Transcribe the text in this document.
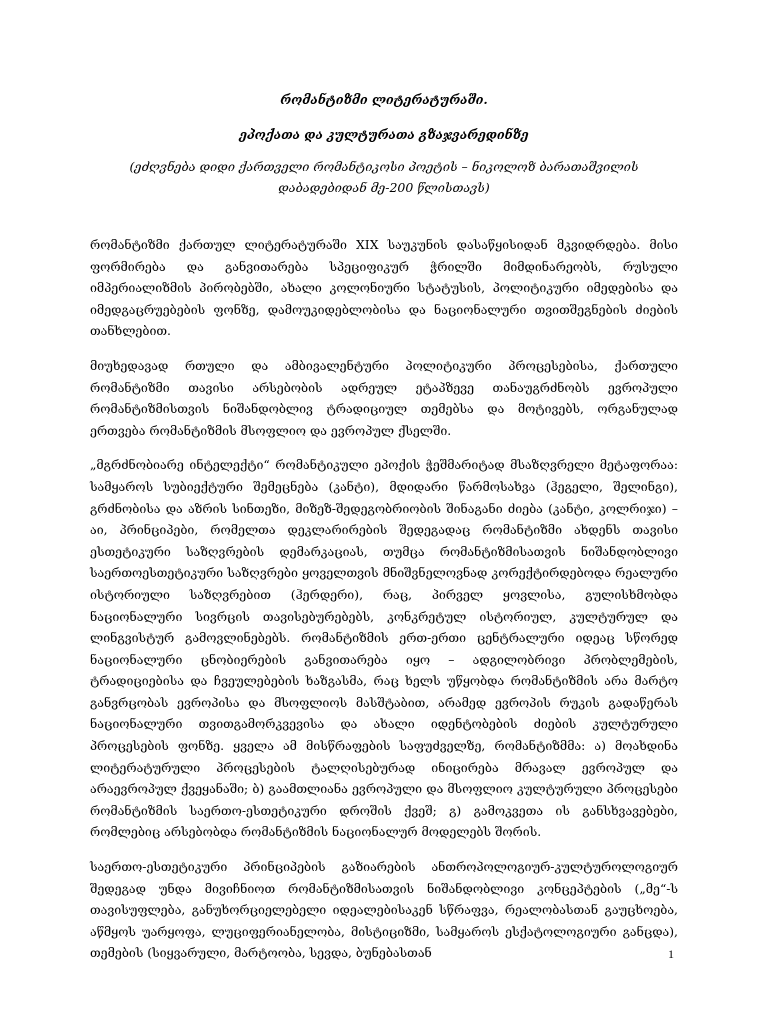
რომანტიზმი ლიტერატურაში.
ეპოქათა და კულტურათა გზაჯვარედინზე
(ეძღვნება დიდი ქართველი რომანტიკოსი პოეტის – ნიკოლოზ ბარათაშვილის
დაბადებიდან მე-200 წლისთავს)

რომანტიზმი ქართულ ლიტერატურაში XIX საუკუნის დასაწყისიდან მკვიდრდება. მისი ფორმირება და განვითარება სპეციფიკურ ჭრილში მიმდინარეობს, რუსული იმპერიალიზმის პირობებში, ახალი კოლონიური სტატუსის, პოლიტიკური იმედებისა და იმედგაცრუებების ფონზე, დამოუკიდებლობისა და ნაციონალური თვითშეგნების ძიების თანხლებით.

მიუხედავად რთული და ამბივალენტური პოლიტიკური პროცესებისა, ქართული რომანტიზმი თავისი არსებობის ადრეულ ეტაპზევე თანაუგრძნობს ევროპული რომანტიზმისთვის ნიშანდობლივ ტრადიციულ თემებსა და მოტივებს, ორგანულად ერთვება რომანტიზმის მსოფლიო და ევროპულ ქსელში.

„მგრძნობიარე ინტელექტი“ რომანტიკული ეპოქის ჭეშმარიტად მსაზღვრელი მეტაფორაა: სამყაროს სუბიექტური შემეცნება (კანტი), მდიდარი წარმოსახვა (ჰეგელი, შელინგი), გრძნობისა და აზრის სინთეზი, მიზეზ-შედეგობრიობის შინაგანი ძიება (კანტი, კოლრიჯი) – აი, პრინციპები, რომელთა დეკლარირების შედეგადაც რომანტიზმი ახდენს თავისი ესთეტიკური საზღვრების დემარკაციას, თუმცა რომანტიზმისათვის ნიშანდობლივი საერთოესთეტიკური საზღვრები ყოველთვის მნიშვნელოვნად კორექტირდებოდა რეალური ისტორიული საზღვრებით (ჰერდერი), რაც, პირველ ყოვლისა, გულისხმობდა ნაციონალური სივრცის თავისებურებებს, კონკრეტულ ისტორიულ, კულტურულ და ლინგვისტურ გამოვლინებებს. რომანტიზმის ერთ-ერთი ცენტრალური იდეაც სწორედ ნაციონალური ცნობიერების განვითარება იყო – ადგილობრივი პრობლემების, ტრადიციებისა და ჩვეულებების ხაზგასმა, რაც ხელს უწყობდა რომანტიზმის არა მარტო განვრცობას ევროპისა და მსოფლიოს მასშტაბით, არამედ ევროპის რუკის გადაწერას ნაციონალური თვითგამორკვევისა და ახალი იდენტობების ძიების კულტურული პროცესების ფონზე. ყველა ამ მისწრაფების საფუძველზე, რომანტიზმმა: ა) მოახდინა ლიტერატურული პროცესების ტალღისებურად ინიცირება მრავალ ევროპულ და არაევროპულ ქვეყანაში; ბ) გაამთლიანა ევროპული და მსოფლიო კულტურული პროცესები რომანტიზმის საერთო-ესთეტიკური დროშის ქვეშ; გ) გამოკვეთა ის განსხვავებები, რომლებიც არსებობდა რომანტიზმის ნაციონალურ მოდელებს შორის.

საერთო-ესთეტიკური პრინციპების გაზიარების ანთროპოლოგიურ-კულტუროლოგიურ შედეგად უნდა მივიჩნიოთ რომანტიზმისათვის ნიშანდობლივი კონცეპტების („მე“-ს თავისუფლება, განუხორციელებელი იდეალებისაკენ სწრაფვა, რეალობასთან გაუცხოება, აწმყოს უარყოფა, ლუციფერიანელობა, მისტიციზმი, სამყაროს ესქატოლოგიური განცდა), თემების (სიყვარული, მარტოობა, სევდა, ბუნებასთან	1
